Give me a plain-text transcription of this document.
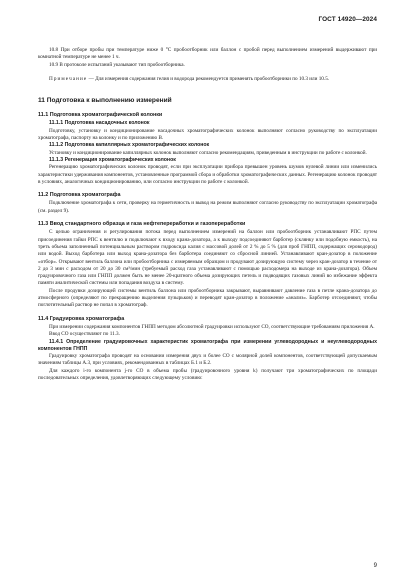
ГОСТ 14920—2024

10.8 При отборе пробы при температуре ниже 0 °С пробоотборник или баллон с пробой перед выполнением измерений выдерживают при комнатной температуре не менее 1 ч.

10.9 В протоколе испытаний указывают тип пробоотборника.

Примечание — Для измерения содержания гелия и водорода рекомендуется применять пробоотборники по 10.3 или 10.5.

11 Подготовка к выполнению измерений
11.1 Подготовка хроматографической колонки
11.1.1 Подготовка насадочных колонок

Подготовку, установку и кондиционирование насадочных хроматографических колонок выполняют согласно руководству по эксплуатации хроматографа, паспорту на колонку и по приложению В.

11.1.2 Подготовка капиллярных хроматографических колонок

Установку и кондиционирование капиллярных колонок выполняют согласно рекомендациям, приведенным в инструкции по работе с колонкой.

11.1.3 Регенерация хроматографических колонок

Регенерацию хроматографических колонок проводят, если при эксплуатации прибора превышен уровень шумов нулевой линии или изменились характеристики удерживания компонентов, установленные программой сбора и обработки хроматографических данных. Регенерацию колонок проводят в условиях, аналогичных кондиционированию, или согласно инструкции по работе с колонкой.

11.2 Подготовка хроматографа

Подключение хроматографа к сети, проверку на герметичность и вывод на режим выполняют согласно руководству по эксплуатации хроматографа (см. раздел 9).

11.3 Ввод стандартного образца и газа нефтепереработки и газопереработки

С целью ограничения и регулирования потока перед выполнением измерений на баллон или пробоотборник устанавливают РПС путем присоединения гайки РПС к вентилю и подключают к входу крана-дозатора, а к выходу подсоединяют барботер (склянку или подобную емкость), на треть объема заполненный потенциальным раствором гидроксида калия с массовой долей от 2 % до 5 % (для проб ГНПП, содержащих сероводород) или водой. Выход барботера или выход крана-дозатора без барботера соединяют со сбросной линией. Устанавливают кран-дозатор в положение «отбор». Открывают вентиль баллона или пробоотборника с измеряемым образцом и продувают дозирующую систему через кран-дозатор в течение от 2 до 3 мин с расходом от 20 до 30 см³/мин (требуемый расход газа устанавливают с помощью расходомера на выходе из крана-дозатора). Объем градуировочного газа или ГНПП должен быть не менее 20-кратного объема дозирующих петель и подводящих газовых линий во избежание эффекта памяти аналитической системы или попадания воздуха в систему.

После продувки дозирующей системы вентиль баллона или пробоотборника закрывают, выравнивают давление газа в петле крана-дозатора до атмосферного (определяют по прекращению выделения пузырьков) и переводят кран-дозатор в положение «анализ». Барботер отсоединяют, чтобы поглотительный раствор не попал в хроматограф.

11.4 Градуировка хроматографа

При измерении содержания компонентов ГНПП методом абсолютной градуировки используют СО, соответствующие требованиям приложения А.

Ввод СО осуществляют по 11.3.

11.4.1 Определение градуировочных характеристик хроматографа при измерении углеводородных и неуглеводородных компонентов ГНПП

Градуировку хроматографа проводят на основании измерения двух и более СО с молярной долей компонентов, соответствующей допускаемым значениям таблицы А.3, при условиях, рекомендованных в таблицах Б.1 и Б.2.

Для каждого i-го компонента j-го СО в объема пробы (градуировочного уровня k) получают три хроматографических по площади последовательных определения, удовлетворяющих следующему условию:

9
